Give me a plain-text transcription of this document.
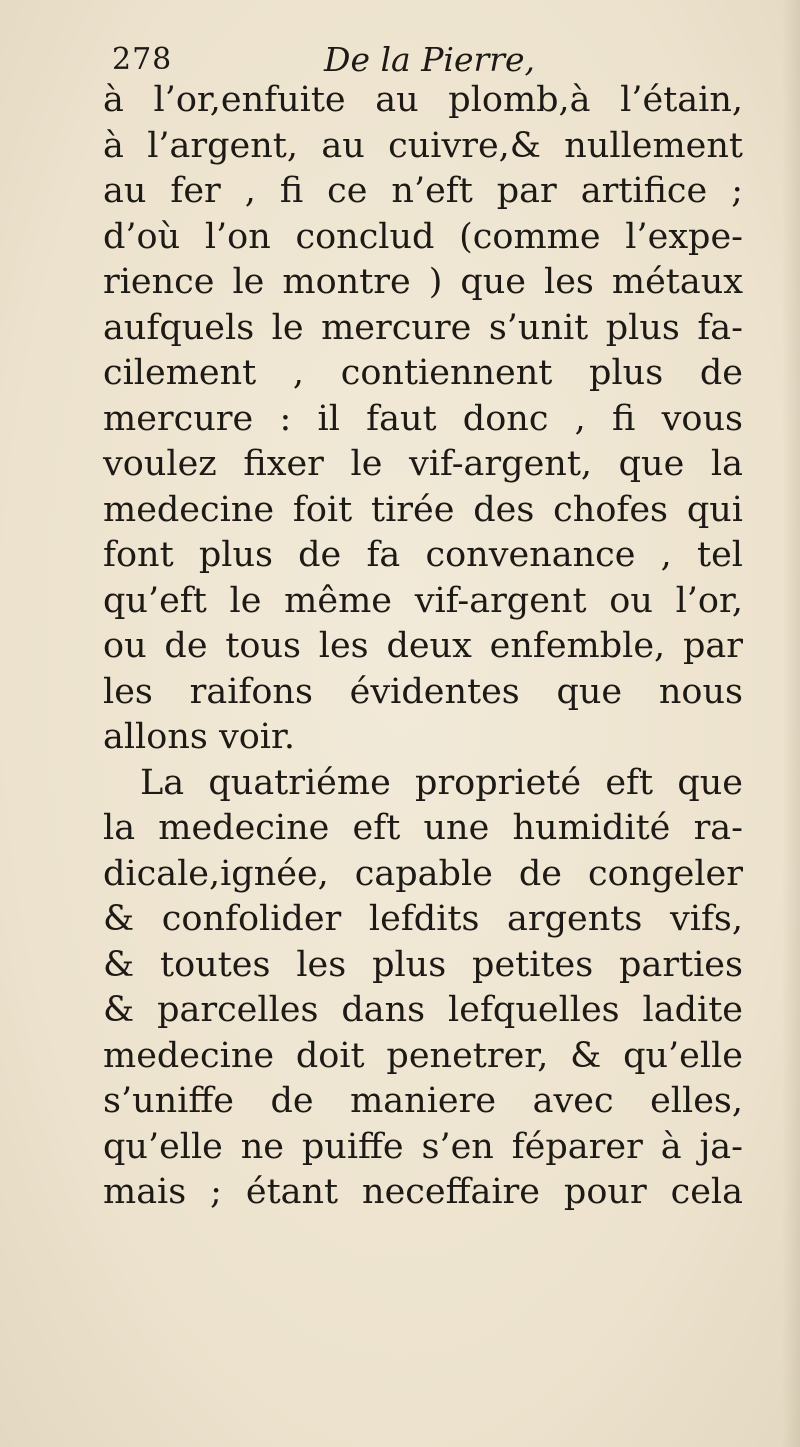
278	De la Pierre,
à l’or,enfuite au plomb,à l’étain,
à l’argent, au cuivre,& nullement
au fer , fi ce n’eft par artifice ;
d’où l’on conclud (comme l’expe-
rience le montre ) que les métaux
aufquels le mercure s’unit plus fa-
cilement , contiennent plus de
mercure : il faut donc , fi vous
voulez fixer le vif-argent, que la
medecine foit tirée des chofes qui
font plus de fa convenance , tel
qu’eft le même vif-argent ou l’or,
ou de tous les deux enfemble, par
les raifons évidentes que nous
allons voir.
La quatriéme proprieté eft que
la medecine eft une humidité ra-
dicale,ignée, capable de congeler
& confolider lefdits argents vifs,
& toutes les plus petites parties
& parcelles dans lefquelles ladite
medecine doit penetrer, & qu’elle
s’uniffe de maniere avec elles,
qu’elle ne puiffe s’en féparer à ja-
mais ; étant neceffaire pour cela
